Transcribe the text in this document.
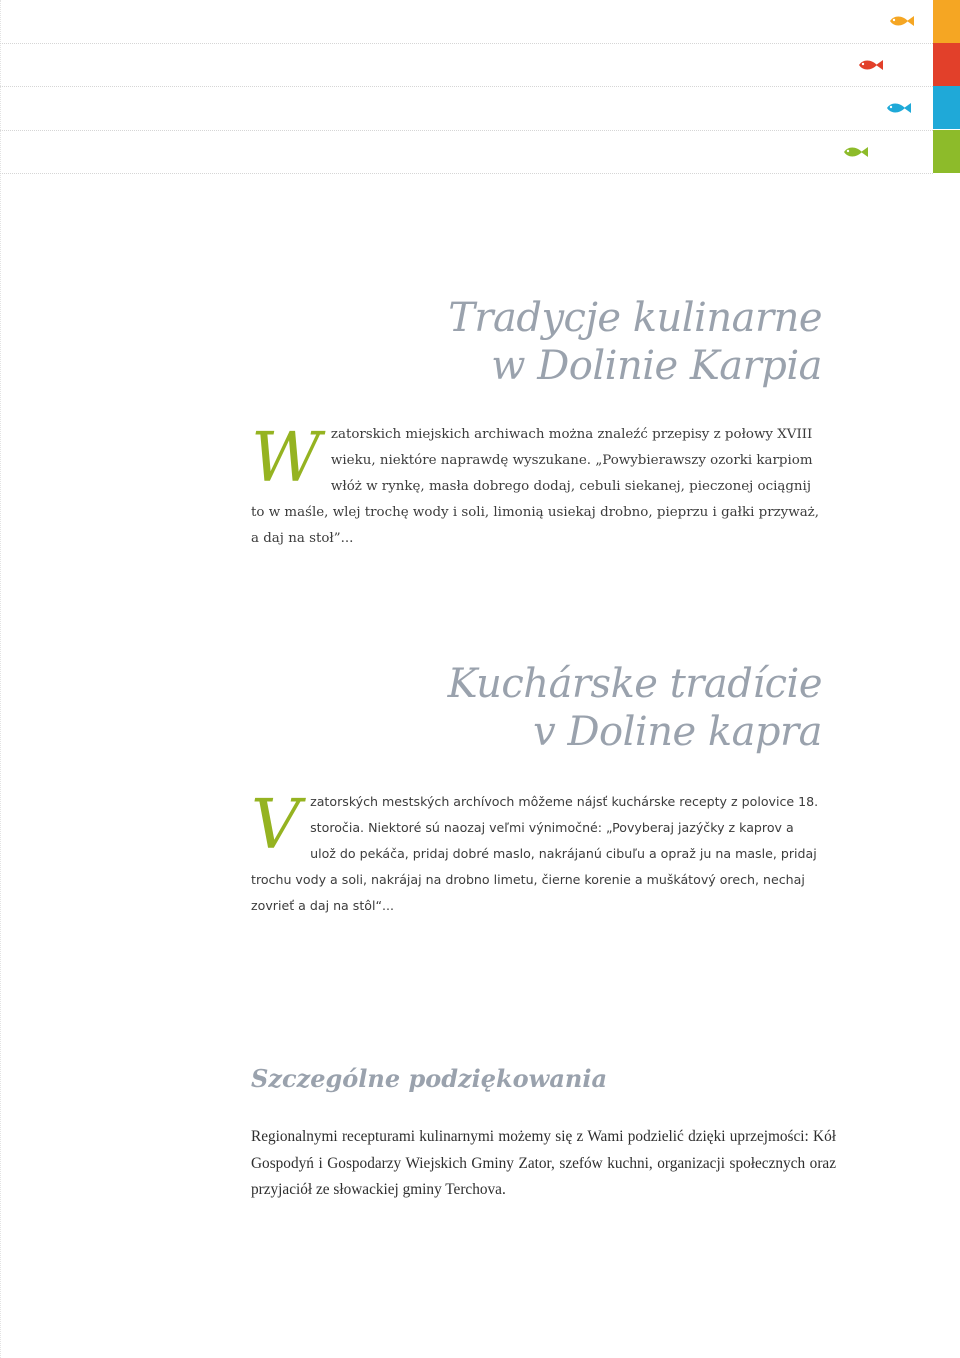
Tradycje kulinarne
w Dolinie Karpia

Wzatorskich miejskich archiwach można znaleźć przepisy z połowy XVIII wieku, niektóre naprawdę wyszukane. „Powybierawszy ozorki karpiom włóż w rynkę, masła dobrego dodaj, cebuli siekanej, pieczonej ociągnij to w maśle, wlej trochę wody i soli, limonią usiekaj drobno, pieprzu i gałki przyważ, a daj na stoł”...

Kuchárske tradície
v Doline kapra

Vzatorských mestských archívoch môžeme nájsť kuchárske recepty z polovice 18. storočia. Niektoré sú naozaj veľmi výnimočné: „Povyberaj jazýčky z kaprov a ulož do pekáča, pridaj dobré maslo, nakrájanú cibuľu a opraž ju na masle, pridaj trochu vody a soli, nakrájaj na drobno limetu, čierne korenie a muškátový orech, nechaj zovrieť a daj na stôl“...

Szczególne podziękowania

Regionalnymi recepturami kulinarnymi możemy się z Wami podzielić dzięki uprzejmości: Kół Gospodyń i Gospodarzy Wiejskich Gminy Zator, szefów kuchni, organizacji społecznych oraz przyjaciół ze słowackiej gminy Terchova.
